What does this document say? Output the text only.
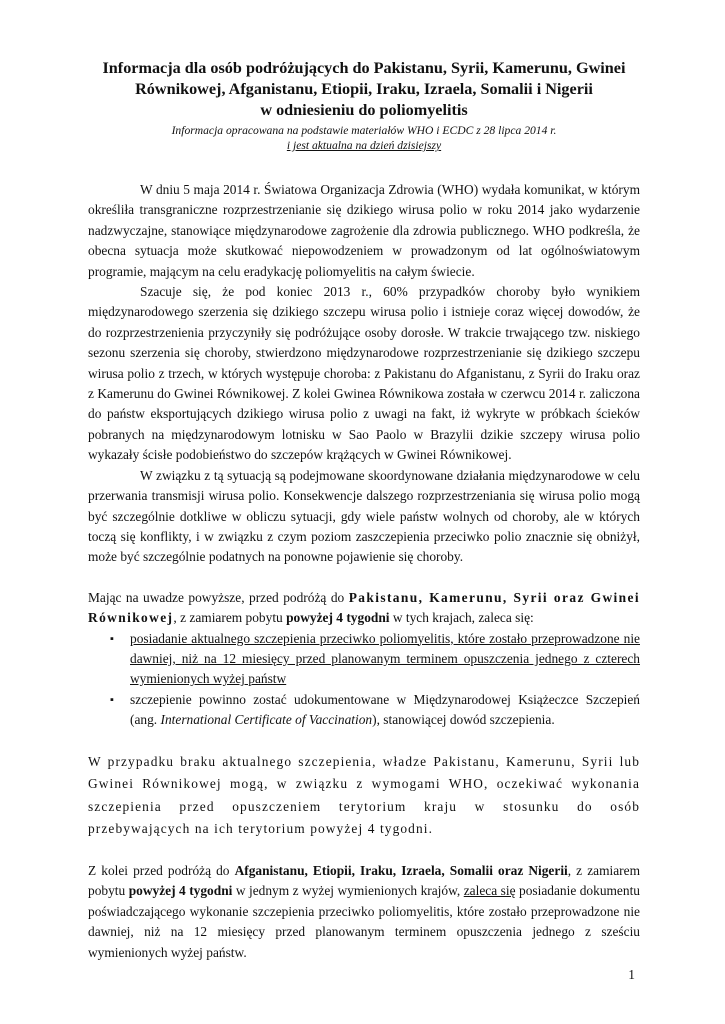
Informacja dla osób podróżujących do Pakistanu, Syrii, Kamerunu, Gwinei
Równikowej, Afganistanu, Etiopii, Iraku, Izraela, Somalii i Nigerii
w odniesieniu do poliomyelitis

Informacja opracowana na podstawie materiałów WHO i ECDC z 28 lipca 2014 r.
i jest aktualna na dzień dzisiejszy

W dniu 5 maja 2014 r. Światowa Organizacja Zdrowia (WHO) wydała komunikat, w którym określiła transgraniczne rozprzestrzenianie się dzikiego wirusa polio w roku 2014 jako wydarzenie nadzwyczajne, stanowiące międzynarodowe zagrożenie dla zdrowia publicznego. WHO podkreśla, że obecna sytuacja może skutkować niepowodzeniem w prowadzonym od lat ogólnoświatowym programie, mającym na celu eradykację poliomyelitis na całym świecie.

Szacuje się, że pod koniec 2013 r., 60% przypadków choroby było wynikiem międzynarodowego szerzenia się dzikiego szczepu wirusa polio i istnieje coraz więcej dowodów, że do rozprzestrzenienia przyczyniły się podróżujące osoby dorosłe. W trakcie trwającego tzw. niskiego sezonu szerzenia się choroby, stwierdzono międzynarodowe rozprzestrzenianie się dzikiego szczepu wirusa polio z trzech, w których występuje choroba: z Pakistanu do Afganistanu, z Syrii do Iraku oraz z Kamerunu do Gwinei Równikowej. Z kolei Gwinea Równikowa została w czerwcu 2014 r. zaliczona do państw eksportujących dzikiego wirusa polio z uwagi na fakt, iż wykryte w próbkach ścieków pobranych na międzynarodowym lotnisku w Sao Paolo w Brazylii dzikie szczepy wirusa polio wykazały ścisłe podobieństwo do szczepów krążących w Gwinei Równikowej.

W związku z tą sytuacją są podejmowane skoordynowane działania międzynarodowe w celu przerwania transmisji wirusa polio. Konsekwencje dalszego rozprzestrzeniania się wirusa polio mogą być szczególnie dotkliwe w obliczu sytuacji, gdy wiele państw wolnych od choroby, ale w których toczą się konflikty, i w związku z czym poziom zaszczepienia przeciwko polio znacznie się obniżył, może być szczególnie podatnych na ponowne pojawienie się choroby.

Mając na uwadze powyższe, przed podróżą do Pakistanu, Kamerunu, Syrii oraz Gwinei Równikowej, z zamiarem pobytu powyżej 4 tygodni w tych krajach, zaleca się:

▪ posiadanie aktualnego szczepienia przeciwko poliomyelitis, które zostało przeprowadzone nie dawniej, niż na 12 miesięcy przed planowanym terminem opuszczenia jednego z czterech wymienionych wyżej państw
▪ szczepienie powinno zostać udokumentowane w Międzynarodowej Książeczce Szczepień (ang. International Certificate of Vaccination), stanowiącej dowód szczepienia.

W przypadku braku aktualnego szczepienia, władze Pakistanu, Kamerunu, Syrii lub Gwinei Równikowej mogą, w związku z wymogami WHO, oczekiwać wykonania szczepienia przed opuszczeniem terytorium kraju w stosunku do osób przebywających na ich terytorium powyżej 4 tygodni.

Z kolei przed podróżą do Afganistanu, Etiopii, Iraku, Izraela, Somalii oraz Nigerii, z zamiarem pobytu powyżej 4 tygodni w jednym z wyżej wymienionych krajów, zaleca się posiadanie dokumentu poświadczającego wykonanie szczepienia przeciwko poliomyelitis, które zostało przeprowadzone nie dawniej, niż na 12 miesięcy przed planowanym terminem opuszczenia jednego z sześciu wymienionych wyżej państw.

1
